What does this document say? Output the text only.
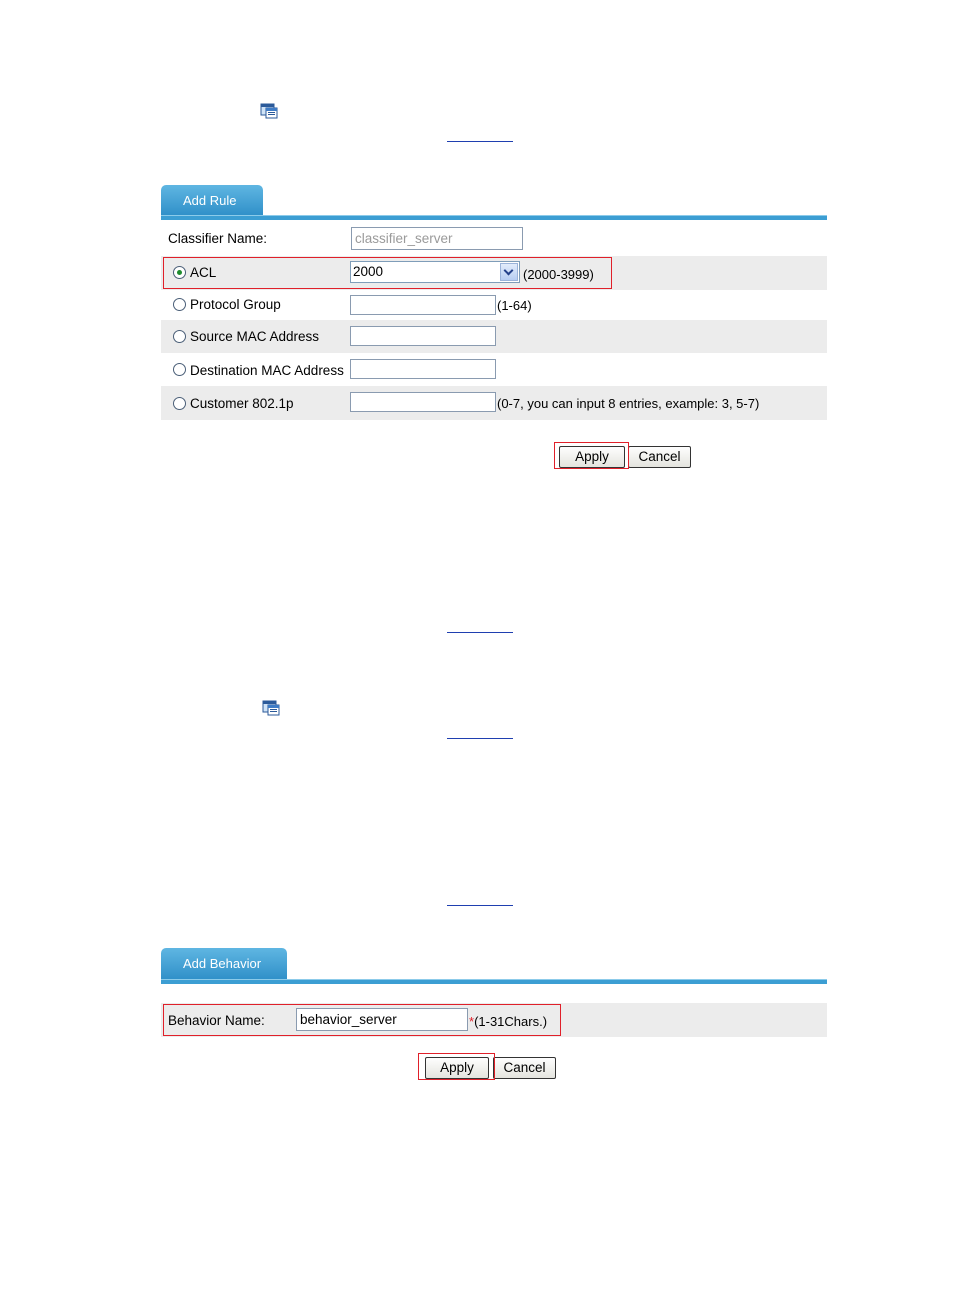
Add Rule
Classifier Name:	classifier_server
ACL	2000	(2000-3999)
Protocol Group	(1-64)
Source MAC Address
Destination MAC Address
Customer 802.1p	(0-7, you can input 8 entries, example: 3, 5-7)
Apply	Cancel
Add Behavior
Behavior Name:	behavior_server	*(1-31Chars.)
Apply	Cancel
